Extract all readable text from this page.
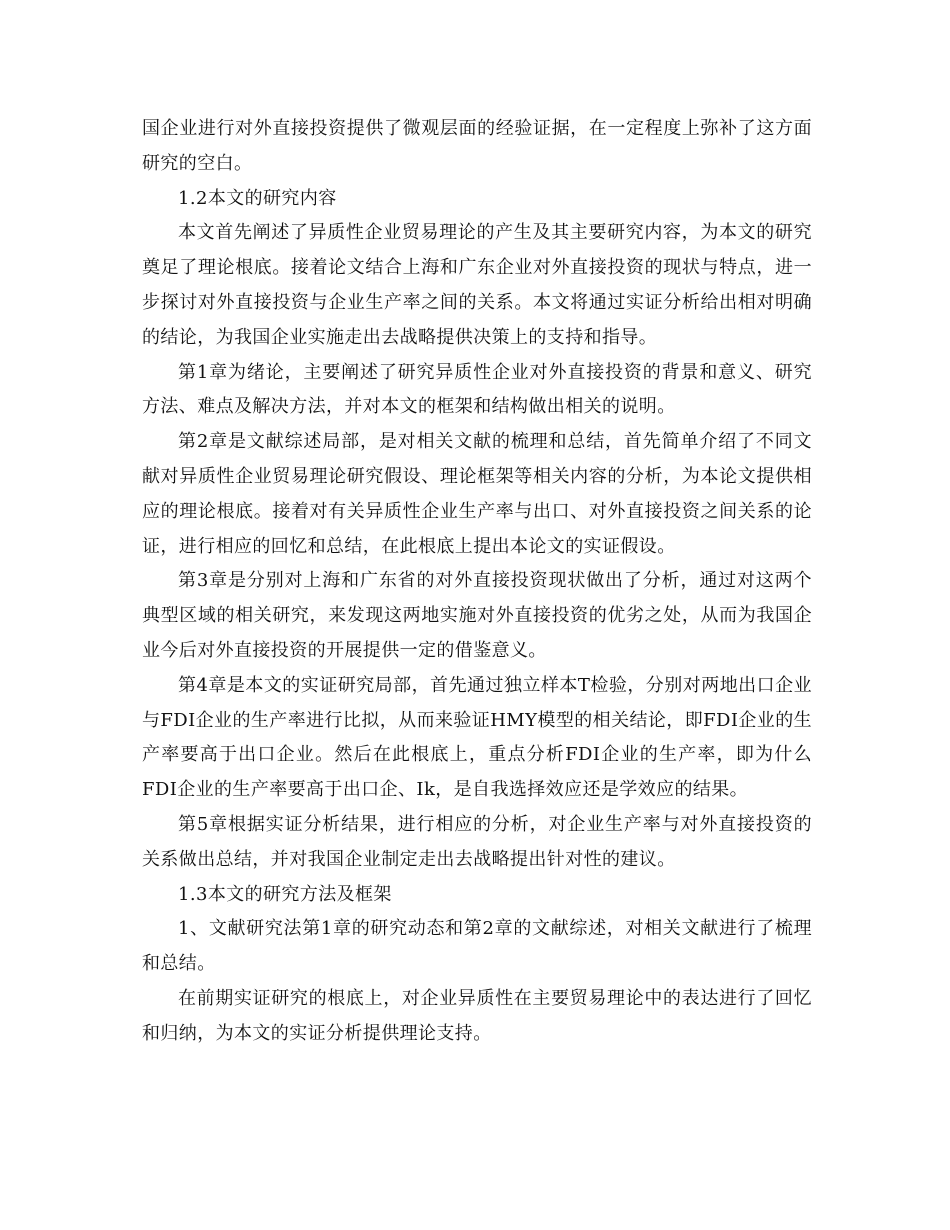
国企业进行对外直接投资提供了微观层面的经验证据，在一定程度上弥补了这方面研究的空白。

1.2本文的研究内容

本文首先阐述了异质性企业贸易理论的产生及其主要研究内容，为本文的研究奠足了理论根底。接着论文结合上海和广东企业对外直接投资的现状与特点，进一步探讨对外直接投资与企业生产率之间的关系。本文将通过实证分析给出相对明确的结论，为我国企业实施走出去战略提供决策上的支持和指导。

第1章为绪论，主要阐述了研究异质性企业对外直接投资的背景和意义、研究方法、难点及解决方法，并对本文的框架和结构做出相关的说明。

第2章是文献综述局部，是对相关文献的梳理和总结，首先简单介绍了不同文献对异质性企业贸易理论研究假设、理论框架等相关内容的分析，为本论文提供相应的理论根底。接着对有关异质性企业生产率与出口、对外直接投资之间关系的论证，进行相应的回忆和总结，在此根底上提出本论文的实证假设。

第3章是分别对上海和广东省的对外直接投资现状做出了分析，通过对这两个典型区域的相关研究，来发现这两地实施对外直接投资的优劣之处，从而为我国企业今后对外直接投资的开展提供一定的借鉴意义。

第4章是本文的实证研究局部，首先通过独立样本T检验，分别对两地出口企业与FDI企业的生产率进行比拟，从而来验证HMY模型的相关结论，即FDI企业的生产率要高于出口企业。然后在此根底上，重点分析FDI企业的生产率，即为什么FDI企业的生产率要高于出口企、Ik，是自我选择效应还是学效应的结果。

第5章根据实证分析结果，进行相应的分析，对企业生产率与对外直接投资的关系做出总结，并对我国企业制定走出去战略提出针对性的建议。

1.3本文的研究方法及框架

1、文献研究法第1章的研究动态和第2章的文献综述，对相关文献进行了梳理和总结。

在前期实证研究的根底上，对企业异质性在主要贸易理论中的表达进行了回忆和归纳，为本文的实证分析提供理论支持。
